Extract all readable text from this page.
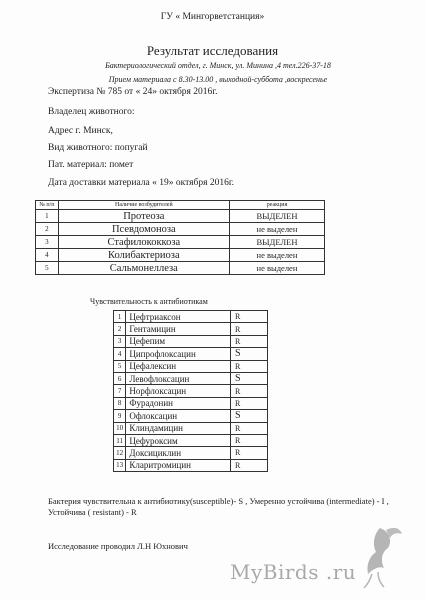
ГУ « Мингорветстанция»
Результат исследования
Бактериологический отдел, г. Минск, ул. Минина ,4 тел.226-37-18
Прием материала с 8.30-13.00 , выходной-суббота ,воскресенье
Экспертиза № 785 от « 24» октября 2016г.
Владелец животного:
Адрес г. Минск,
Вид животного: попугай
Пат. материал: помет
Дата доставки материала « 19» октября 2016г.
№ п/п	Наличие возбудителей	реакция
1	Протеоза	ВЫДЕЛЕН
2	Псевдомоноза	не выделен
3	Стафилококкоза	ВЫДЕЛЕН
4	Колибактериоза	не выделен
5	Сальмонеллеза	не выделен
Чувствительность к антибиотикам
1	Цефтриаксон	R
2	Гентамицин	R
3	Цефепим	R
4	Ципрофлоксацин	S
5	Цефалексин	R
6	Левофлоксацин	S
7	Норфлоксацин	R
8	Фурадонин	R
9	Офлоксацин	S
10	Клиндамицин	R
11	Цефуроксим	R
12	Доксициклин	R
13	Кларитромицин	R
Бактерия чувствительна к антибиотику(susceptible)- S , Умеренно устойчива (intermediate) - I ,
Устойчива ( resistant) - R
Исследование проводил Л.Н Юхнович
MyBirds .ru
